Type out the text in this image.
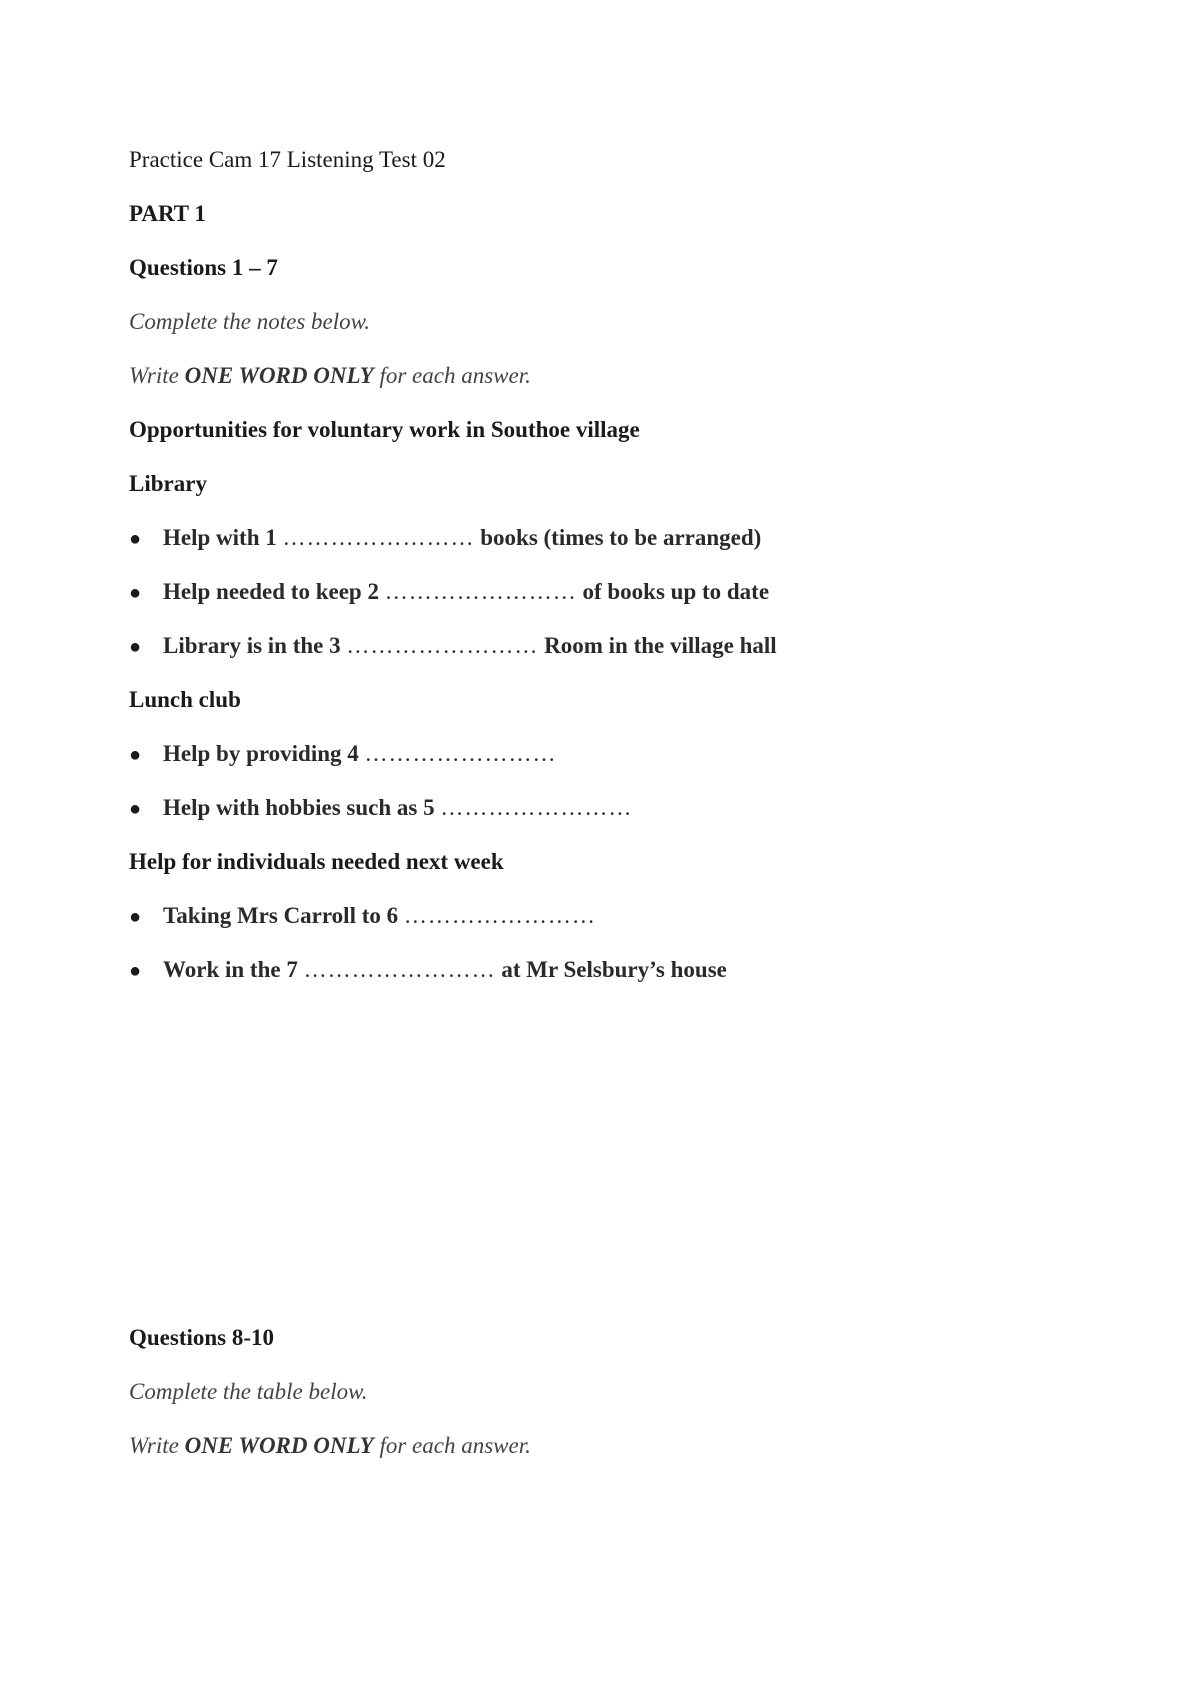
Practice Cam 17 Listening Test 02
PART 1
Questions 1 – 7
Complete the notes below.
Write ONE WORD ONLY for each answer.
Opportunities for voluntary work in Southoe village
Library
● Help with 1 …………………… books (times to be arranged)
● Help needed to keep 2 …………………… of books up to date
● Library is in the 3 …………………… Room in the village hall
Lunch club
● Help by providing 4 ……………………
● Help with hobbies such as 5 ……………………
Help for individuals needed next week
● Taking Mrs Carroll to 6 ……………………
● Work in the 7 …………………… at Mr Selsbury’s house
Questions 8-10
Complete the table below.
Write ONE WORD ONLY for each answer.
